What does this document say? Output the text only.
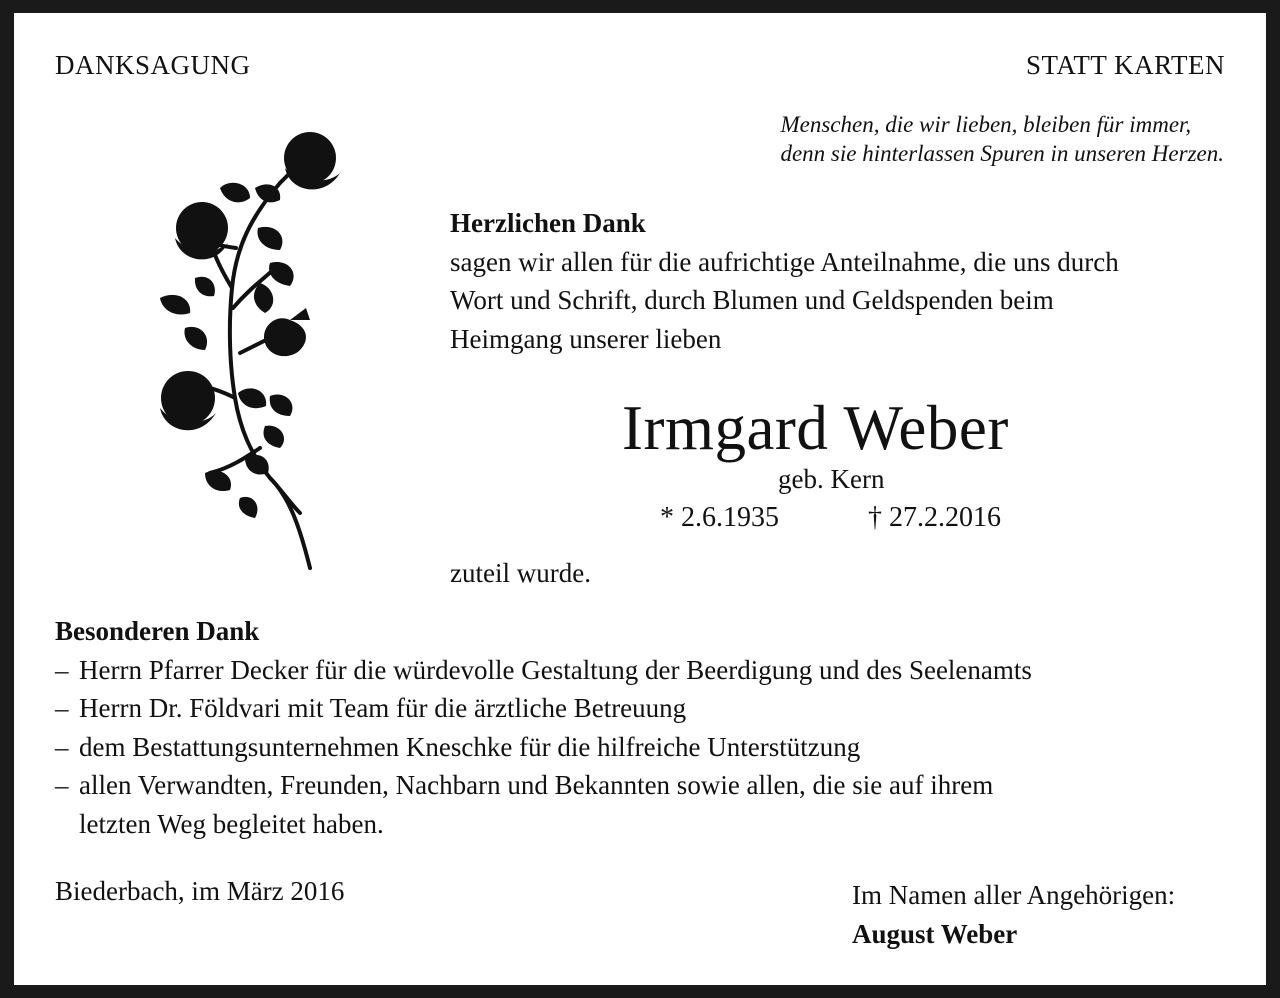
DANKSAGUNG	STATT KARTEN
Menschen, die wir lieben, bleiben für immer,
denn sie hinterlassen Spuren in unseren Herzen.
Herzlichen Dank
sagen wir allen für die aufrichtige Anteilnahme, die uns durch
Wort und Schrift, durch Blumen und Geldspenden beim
Heimgang unserer lieben
Irmgard Weber
geb. Kern
* 2.6.1935	† 27.2.2016
zuteil wurde.
Besonderen Dank
– Herrn Pfarrer Decker für die würdevolle Gestaltung der Beerdigung und des Seelenamts
– Herrn Dr. Földvari mit Team für die ärztliche Betreuung
– dem Bestattungsunternehmen Kneschke für die hilfreiche Unterstützung
– allen Verwandten, Freunden, Nachbarn und Bekannten sowie allen, die sie auf ihrem
letzten Weg begleitet haben.
Biederbach, im März 2016	Im Namen aller Angehörigen:
August Weber
